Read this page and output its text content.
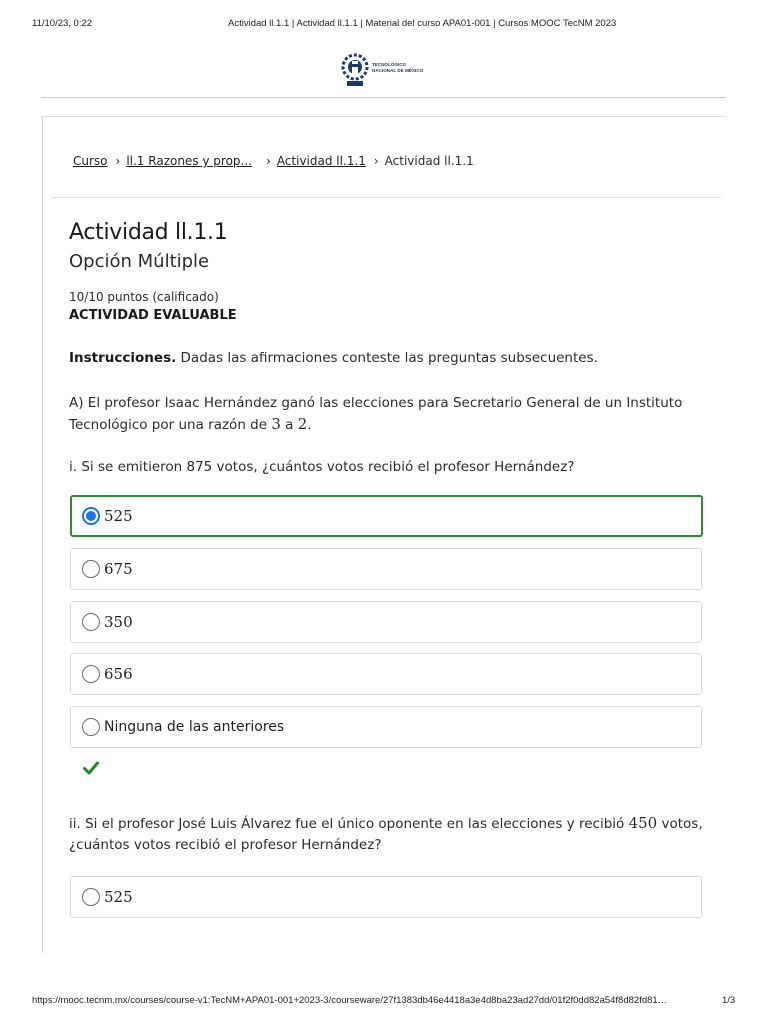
11/10/23, 0:22	Actividad ll.1.1 | Actividad ll.1.1 | Material del curso APA01-001 | Cursos MOOC TecNM 2023
TECNOLÓGICO
NACIONAL DE MÉXICO
Curso › ll.1 Razones y prop... › Actividad ll.1.1 › Actividad ll.1.1
Actividad ll.1.1
Opción Múltiple
10/10 puntos (calificado)
ACTIVIDAD EVALUABLE
Instrucciones. Dadas las afirmaciones conteste las preguntas subsecuentes.
A) El profesor Isaac Hernández ganó las elecciones para Secretario General de un Instituto Tecnológico por una razón de 3 a 2.
i. Si se emitieron 875 votos, ¿cuántos votos recibió el profesor Hernández?
525
675
350
656
Ninguna de las anteriores
ii. Si el profesor José Luis Álvarez fue el único oponente en las elecciones y recibió 450 votos, ¿cuántos votos recibió el profesor Hernández?
525
https://mooc.tecnm.mx/courses/course-v1:TecNM+APA01-001+2023-3/courseware/27f1383db46e4418a3e4d8ba23ad27dd/01f2f0dd82a54f8d82fd81…	1/3
